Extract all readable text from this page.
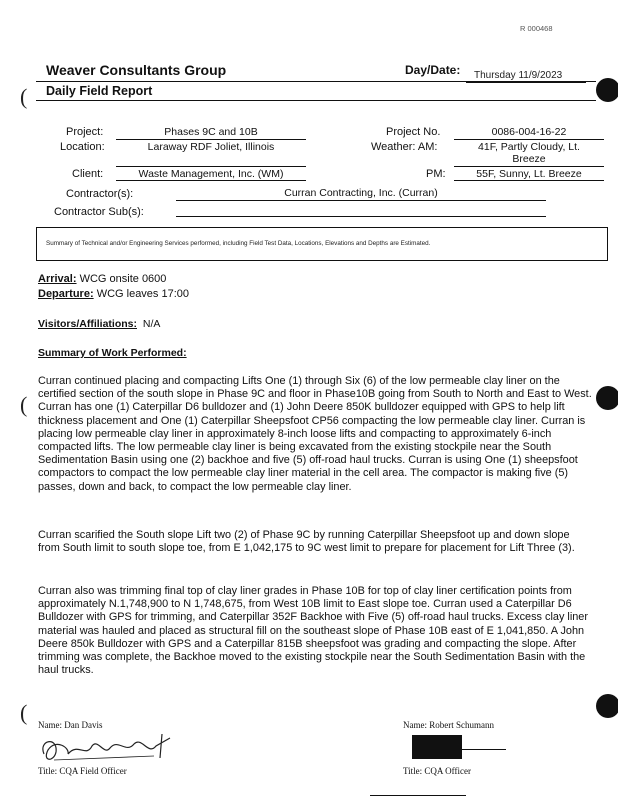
R 000468
Weaver Consultants Group	Day/Date: Thursday 11/9/2023
Daily Field Report
Project:	Phases 9C and 10B
Location:	Laraway RDF Joliet, Illinois
Client:	Waste Management, Inc. (WM)
Project No.	0086-004-16-22
Weather: AM:	41F, Partly Cloudy, Lt. Breeze
PM:	55F, Sunny, Lt. Breeze
Contractor(s):	Curran Contracting, Inc. (Curran)
Contractor Sub(s):
Summary of Technical and/or Engineering Services performed, including Field Test Data, Locations, Elevations and Depths are Estimated.
Arrival: WCG onsite 0600
Departure: WCG leaves 17:00
Visitors/Affiliations: N/A
Summary of Work Performed:
Curran continued placing and compacting Lifts One (1) through Six (6) of the low permeable clay liner on the certified section of the south slope in Phase 9C and floor in Phase10B going from South to North and East to West. Curran has one (1) Caterpillar D6 bulldozer and (1) John Deere 850K bulldozer equipped with GPS to help lift thickness placement and One (1) Caterpillar Sheepsfoot CP56 compacting the low permeable clay liner. Curran is placing low permeable clay liner in approximately 8-inch loose lifts and compacting to approximately 6-inch compacted lifts. The low permeable clay liner is being excavated from the existing stockpile near the South Sedimentation Basin using one (2) backhoe and five (5) off-road haul trucks. Curran is using One (1) sheepsfoot compactors to compact the low permeable clay liner material in the cell area. The compactor is making five (5) passes, down and back, to compact the low permeable clay liner.
Curran scarified the South slope Lift two (2) of Phase 9C by running Caterpillar Sheepsfoot up and down slope from South limit to south slope toe, from E 1,042,175 to 9C west limit to prepare for placement for Lift Three (3).
Curran also was trimming final top of clay liner grades in Phase 10B for top of clay liner certification points from approximately N.1,748,900 to N 1,748,675, from West 10B limit to East slope toe. Curran used a Caterpillar D6 Bulldozer with GPS for trimming, and Caterpillar 352F Backhoe with Five (5) off-road haul trucks. Excess clay liner material was hauled and placed as structural fill on the southeast slope of Phase 10B east of E 1,041,850. A John Deere 850k Bulldozer with GPS and a Caterpillar 815B sheepsfoot was grading and compacting the slope. After trimming was complete, the Backhoe moved to the existing stockpile near the South Sedimentation Basin with the haul trucks.
Name: Dan Davis
Title: CQA Field Officer
Name: Robert Schumann
Title: CQA Officer
(
(
(
